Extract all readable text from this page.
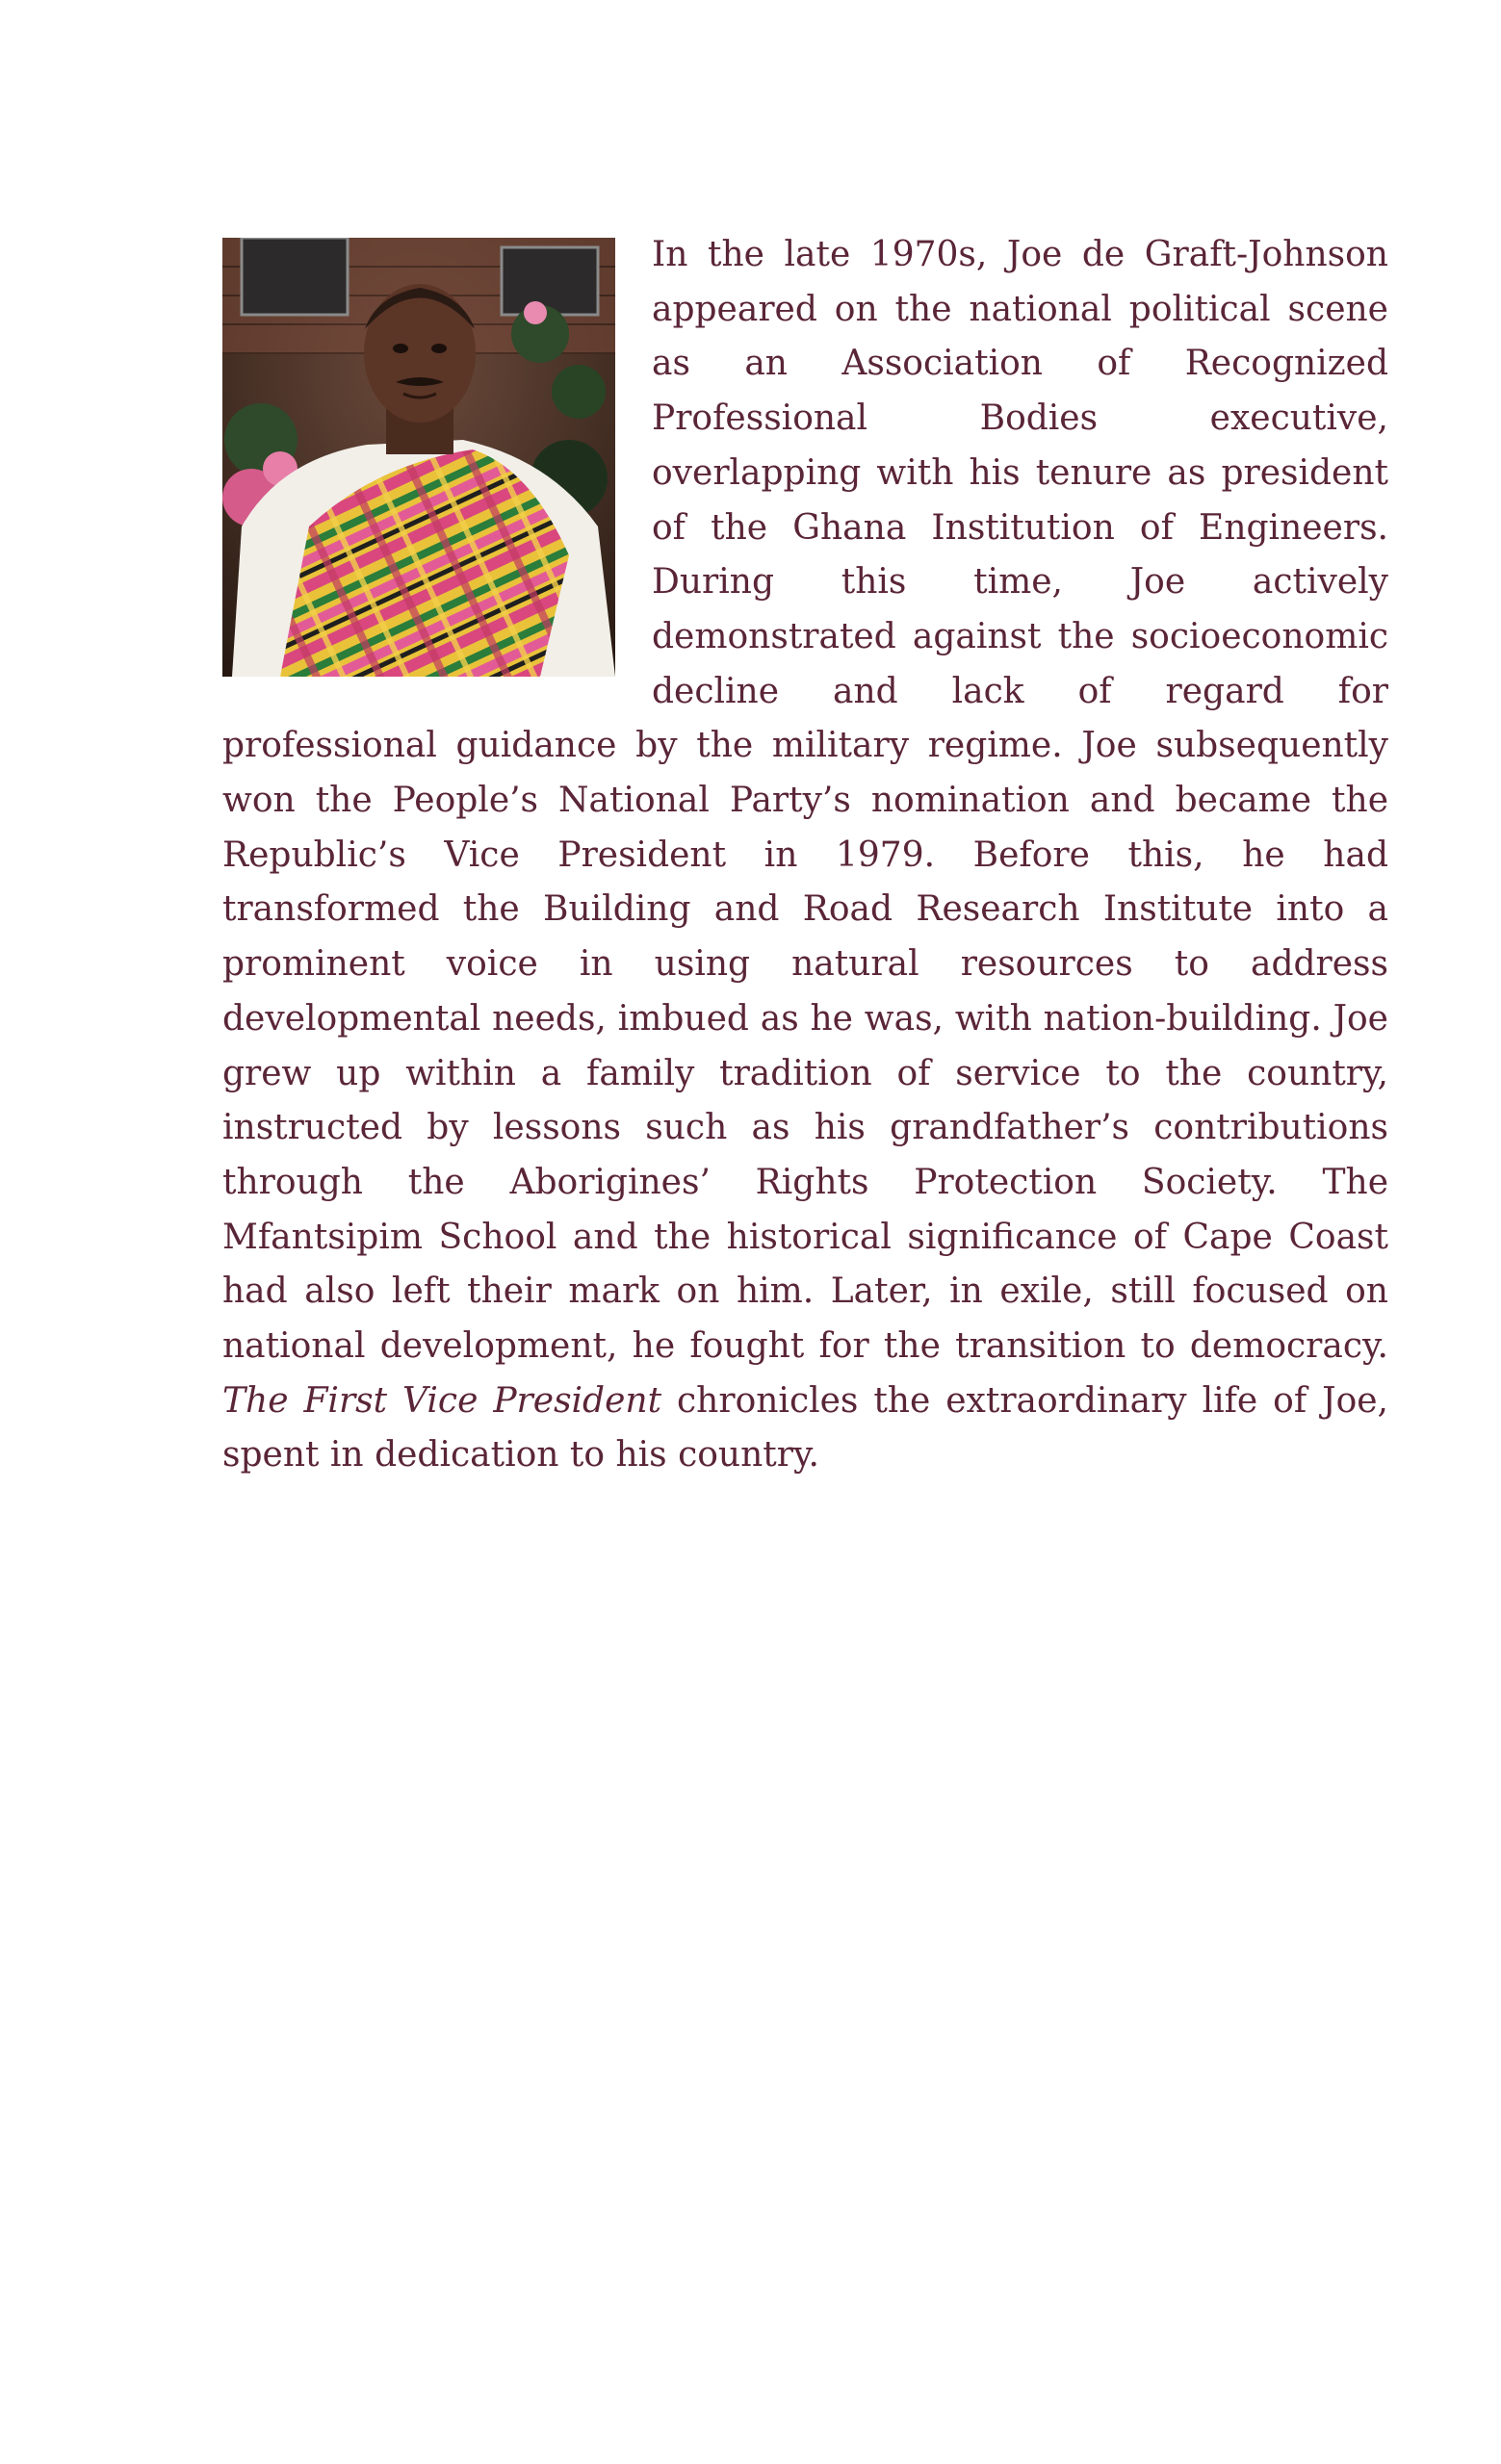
In the late 1970s, Joe de Graft-Johnson appeared on the national political scene as an Association of Recognized Professional Bodies executive, overlapping with his tenure as president of the Ghana Institution of Engineers. During this time, Joe actively demonstrated against the socioeconomic decline and lack of regard for professional guidance by the military regime. Joe subsequently won the People’s National Party’s nomination and became the Republic’s Vice President in 1979. Before this, he had transformed the Building and Road Research Institute into a prominent voice in using natural resources to address developmental needs, imbued as he was, with nation-building. Joe grew up within a family tradition of service to the country, instructed by lessons such as his grandfather’s contributions through the Aborigines’ Rights Protection Society. The Mfantsipim School and the historical significance of Cape Coast had also left their mark on him. Later, in exile, still focused on national development, he fought for the transition to democracy. The First Vice President chronicles the extraordinary life of Joe, spent in dedication to his country.
